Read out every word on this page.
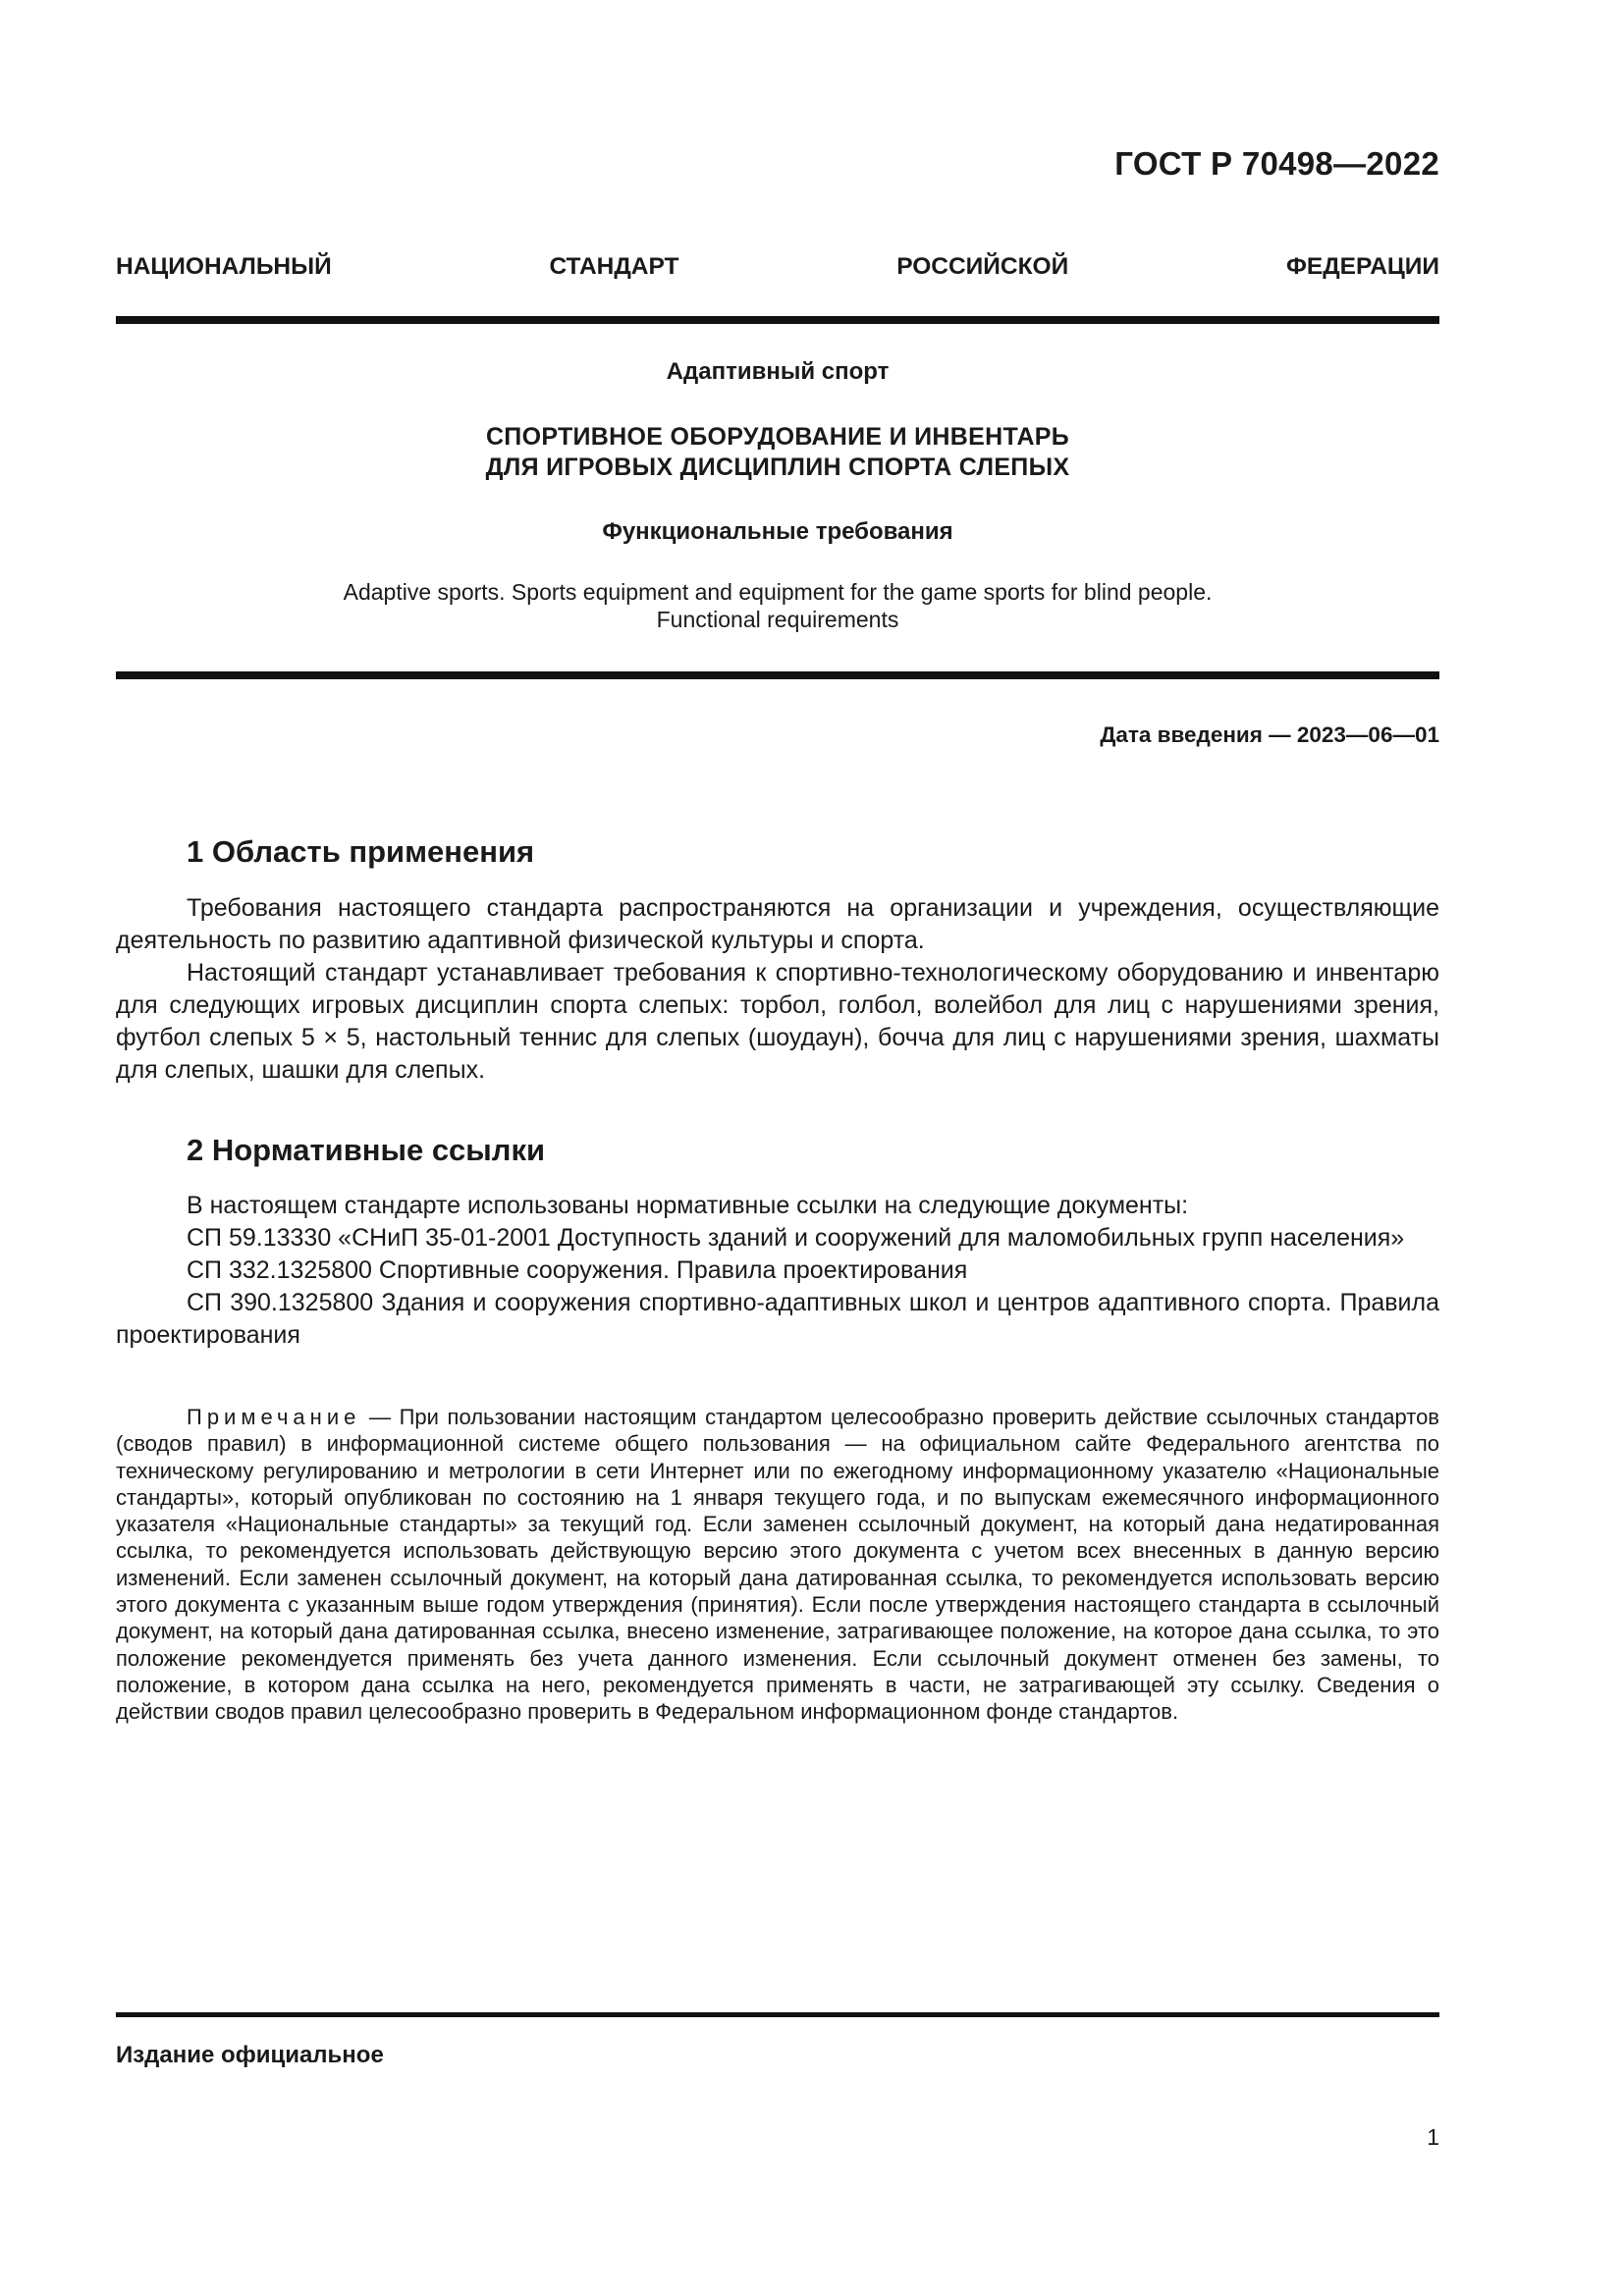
ГОСТ Р 70498—2022
НАЦИОНАЛЬНЫЙ СТАНДАРТ РОССИЙСКОЙ ФЕДЕРАЦИИ
Адаптивный спорт
СПОРТИВНОЕ ОБОРУДОВАНИЕ И ИНВЕНТАРЬ
ДЛЯ ИГРОВЫХ ДИСЦИПЛИН СПОРТА СЛЕПЫХ
Функциональные требования
Adaptive sports. Sports equipment and equipment for the game sports for blind people.
Functional requirements
Дата введения — 2023—06—01
1 Область применения

Требования настоящего стандарта распространяются на организации и учреждения, осуществляющие деятельность по развитию адаптивной физической культуры и спорта.

Настоящий стандарт устанавливает требования к спортивно-технологическому оборудованию и инвентарю для следующих игровых дисциплин спорта слепых: торбол, голбол, волейбол для лиц с нарушениями зрения, футбол слепых 5 × 5, настольный теннис для слепых (шоудаун), бочча для лиц с нарушениями зрения, шахматы для слепых, шашки для слепых.

2 Нормативные ссылки

В настоящем стандарте использованы нормативные ссылки на следующие документы:

СП 59.13330 «СНиП 35-01-2001 Доступность зданий и сооружений для маломобильных групп населения»

СП 332.1325800 Спортивные сооружения. Правила проектирования

СП 390.1325800 Здания и сооружения спортивно-адаптивных школ и центров адаптивного спорта. Правила проектирования

Примечание — При пользовании настоящим стандартом целесообразно проверить действие ссылочных стандартов (сводов правил) в информационной системе общего пользования — на официальном сайте Федерального агентства по техническому регулированию и метрологии в сети Интернет или по ежегодному информационному указателю «Национальные стандарты», который опубликован по состоянию на 1 января текущего года, и по выпускам ежемесячного информационного указателя «Национальные стандарты» за текущий год. Если заменен ссылочный документ, на который дана недатированная ссылка, то рекомендуется использовать действующую версию этого документа с учетом всех внесенных в данную версию изменений. Если заменен ссылочный документ, на который дана датированная ссылка, то рекомендуется использовать версию этого документа с указанным выше годом утверждения (принятия). Если после утверждения настоящего стандарта в ссылочный документ, на который дана датированная ссылка, внесено изменение, затрагивающее положение, на которое дана ссылка, то это положение рекомендуется применять без учета данного изменения. Если ссылочный документ отменен без замены, то положение, в котором дана ссылка на него, рекомендуется применять в части, не затрагивающей эту ссылку. Сведения о действии сводов правил целесообразно проверить в Федеральном информационном фонде стандартов.
Издание официальное
1
